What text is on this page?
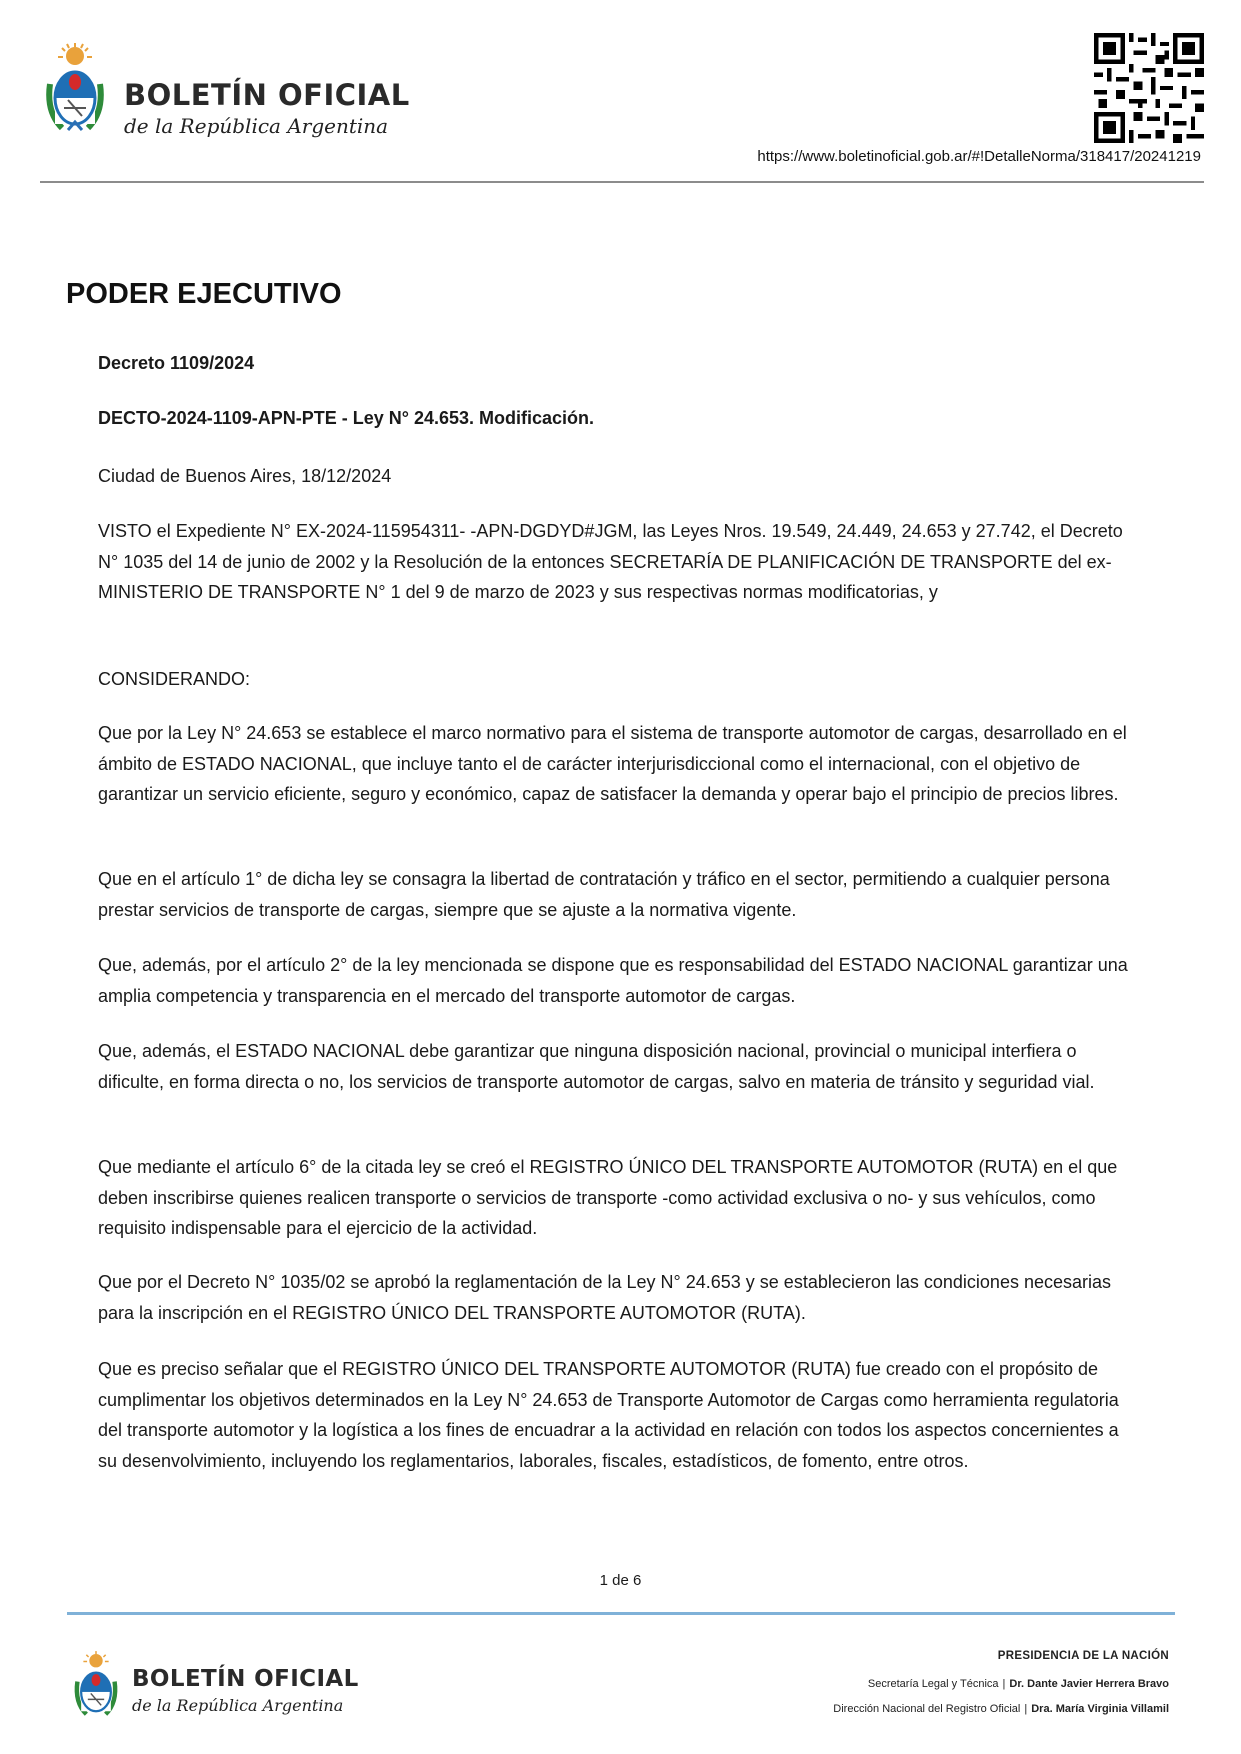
BOLETÍN OFICIAL
de la República Argentina
https://www.boletinoficial.gob.ar/#!DetalleNorma/318417/20241219
PODER EJECUTIVO
Decreto 1109/2024
DECTO-2024-1109-APN-PTE - Ley N° 24.653. Modificación.

Ciudad de Buenos Aires, 18/12/2024

VISTO el Expediente N° EX-2024-115954311- -APN-DGDYD#JGM, las Leyes Nros. 19.549, 24.449, 24.653 y 27.742, el Decreto N° 1035 del 14 de junio de 2002 y la Resolución de la entonces SECRETARÍA DE PLANIFICACIÓN DE TRANSPORTE del ex-MINISTERIO DE TRANSPORTE N° 1 del 9 de marzo de 2023 y sus respectivas normas modificatorias, y

CONSIDERANDO:

Que por la Ley N° 24.653 se establece el marco normativo para el sistema de transporte automotor de cargas, desarrollado en el ámbito de ESTADO NACIONAL, que incluye tanto el de carácter interjurisdiccional como el internacional, con el objetivo de garantizar un servicio eficiente, seguro y económico, capaz de satisfacer la demanda y operar bajo el principio de precios libres.

Que en el artículo 1° de dicha ley se consagra la libertad de contratación y tráfico en el sector, permitiendo a cualquier persona prestar servicios de transporte de cargas, siempre que se ajuste a la normativa vigente.

Que, además, por el artículo 2° de la ley mencionada se dispone que es responsabilidad del ESTADO NACIONAL garantizar una amplia competencia y transparencia en el mercado del transporte automotor de cargas.

Que, además, el ESTADO NACIONAL debe garantizar que ninguna disposición nacional, provincial o municipal interfiera o dificulte, en forma directa o no, los servicios de transporte automotor de cargas, salvo en materia de tránsito y seguridad vial.

Que mediante el artículo 6° de la citada ley se creó el REGISTRO ÚNICO DEL TRANSPORTE AUTOMOTOR (RUTA) en el que deben inscribirse quienes realicen transporte o servicios de transporte -como actividad exclusiva o no- y sus vehículos, como requisito indispensable para el ejercicio de la actividad.

Que por el Decreto N° 1035/02 se aprobó la reglamentación de la Ley N° 24.653 y se establecieron las condiciones necesarias para la inscripción en el REGISTRO ÚNICO DEL TRANSPORTE AUTOMOTOR (RUTA).

Que es preciso señalar que el REGISTRO ÚNICO DEL TRANSPORTE AUTOMOTOR (RUTA) fue creado con el propósito de cumplimentar los objetivos determinados en la Ley N° 24.653 de Transporte Automotor de Cargas como herramienta regulatoria del transporte automotor y la logística a los fines de encuadrar a la actividad en relación con todos los aspectos concernientes a su desenvolvimiento, incluyendo los reglamentarios, laborales, fiscales, estadísticos, de fomento, entre otros.

1 de 6
BOLETÍN OFICIAL
de la República Argentina
PRESIDENCIA DE LA NACIÓN
Secretaría Legal y Técnica | Dr. Dante Javier Herrera Bravo
Dirección Nacional del Registro Oficial | Dra. María Virginia Villamil
